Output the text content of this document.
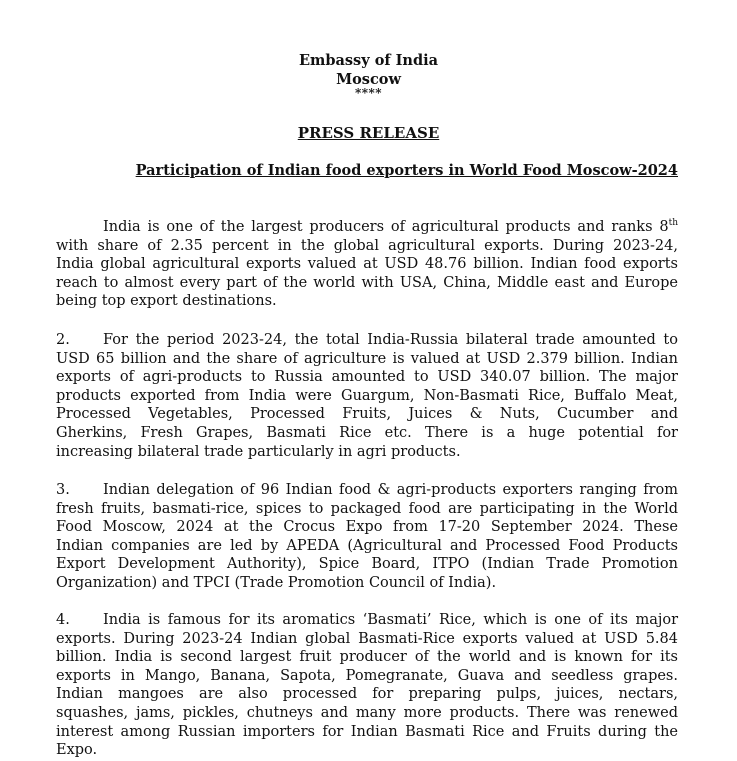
Embassy of India
Moscow
****
PRESS RELEASE
Participation of Indian food exporters in World Food Moscow-2024
India is one of the largest producers of agricultural products and ranks 8th
with share of 2.35 percent in the global agricultural exports. During 2023-24,
India global agricultural exports valued at USD 48.76 billion. Indian food exports
reach to almost every part of the world with USA, China, Middle east and Europe
being top export destinations.
2. For the period 2023-24, the total India-Russia bilateral trade amounted to
USD 65 billion and the share of agriculture is valued at USD 2.379 billion. Indian
exports of agri-products to Russia amounted to USD 340.07 billion. The major
products exported from India were Guargum, Non-Basmati Rice, Buffalo Meat,
Processed Vegetables, Processed Fruits, Juices & Nuts, Cucumber and
Gherkins, Fresh Grapes, Basmati Rice etc. There is a huge potential for
increasing bilateral trade particularly in agri products.
3. Indian delegation of 96 Indian food & agri-products exporters ranging from
fresh fruits, basmati-rice, spices to packaged food are participating in the World
Food Moscow, 2024 at the Crocus Expo from 17-20 September 2024. These
Indian companies are led by APEDA (Agricultural and Processed Food Products
Export Development Authority), Spice Board, ITPO (Indian Trade Promotion
Organization) and TPCI (Trade Promotion Council of India).
4. India is famous for its aromatics ‘Basmati’ Rice, which is one of its major
exports. During 2023-24 Indian global Basmati-Rice exports valued at USD 5.84
billion. India is second largest fruit producer of the world and is known for its
exports in Mango, Banana, Sapota, Pomegranate, Guava and seedless grapes.
Indian mangoes are also processed for preparing pulps, juices, nectars,
squashes, jams, pickles, chutneys and many more products. There was renewed
interest among Russian importers for Indian Basmati Rice and Fruits during the
Expo.
